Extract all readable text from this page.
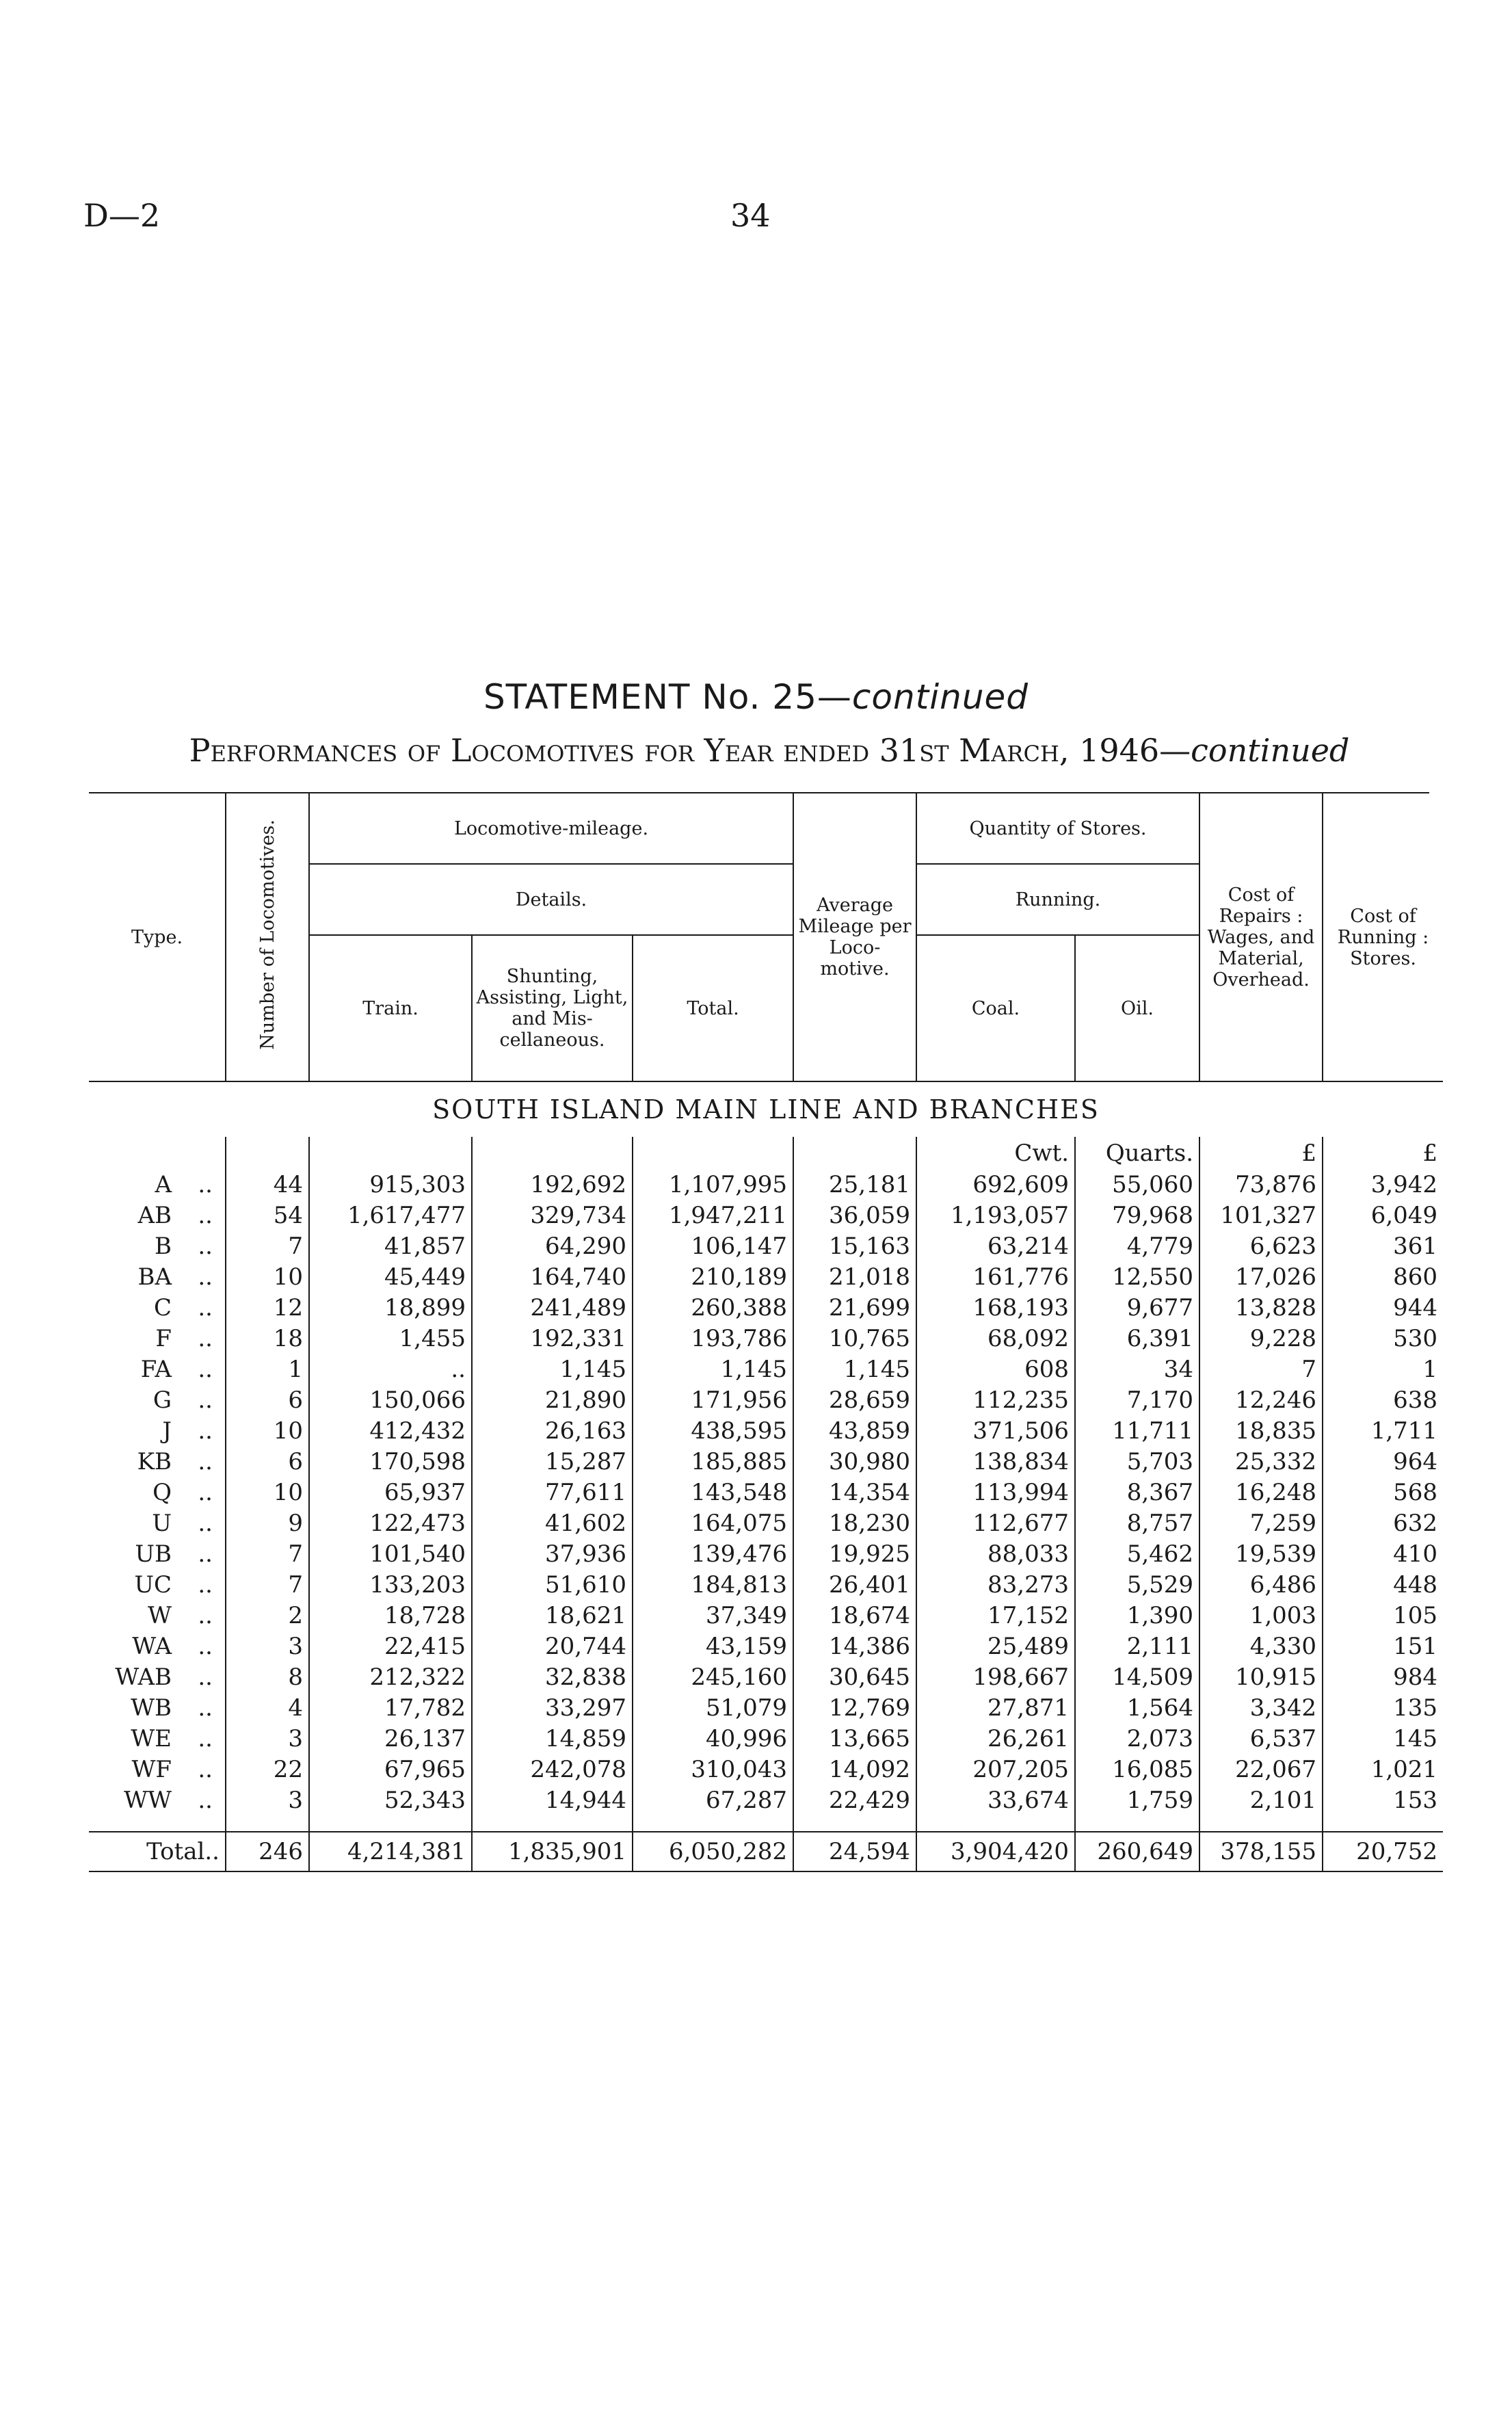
D—2	34
STATEMENT No. 25—continued
Performances of Locomotives for Year ended 31st March, 1946—continued
Type.	Number of Locomotives.	Locomotive-mileage.			Average Mileage per Loco-motive.	Quantity of Stores.		Cost of Repairs : Wages, and Material, Overhead.	Cost of Running : Stores.
		Details.				Running.			
		Train.	Shunting, Assisting, Light, and Mis-cellaneous.	Total.		Coal.	Oil.		
SOUTH ISLAND MAIN LINE AND BRANCHES									
						Cwt.	Quarts.	£	£
A ..	44	915,303	192,692	1,107,995	25,181	692,609	55,060	73,876	3,942
AB ..	54	1,617,477	329,734	1,947,211	36,059	1,193,057	79,968	101,327	6,049
B ..	7	41,857	64,290	106,147	15,163	63,214	4,779	6,623	361
BA ..	10	45,449	164,740	210,189	21,018	161,776	12,550	17,026	860
C ..	12	18,899	241,489	260,388	21,699	168,193	9,677	13,828	944
F ..	18	1,455	192,331	193,786	10,765	68,092	6,391	9,228	530
FA ..	1	..	1,145	1,145	1,145	608	34	7	1
G ..	6	150,066	21,890	171,956	28,659	112,235	7,170	12,246	638
J ..	10	412,432	26,163	438,595	43,859	371,506	11,711	18,835	1,711
KB ..	6	170,598	15,287	185,885	30,980	138,834	5,703	25,332	964
Q ..	10	65,937	77,611	143,548	14,354	113,994	8,367	16,248	568
U ..	9	122,473	41,602	164,075	18,230	112,677	8,757	7,259	632
UB ..	7	101,540	37,936	139,476	19,925	88,033	5,462	19,539	410
UC ..	7	133,203	51,610	184,813	26,401	83,273	5,529	6,486	448
W ..	2	18,728	18,621	37,349	18,674	17,152	1,390	1,003	105
WA ..	3	22,415	20,744	43,159	14,386	25,489	2,111	4,330	151
WAB ..	8	212,322	32,838	245,160	30,645	198,667	14,509	10,915	984
WB ..	4	17,782	33,297	51,079	12,769	27,871	1,564	3,342	135
WE ..	3	26,137	14,859	40,996	13,665	26,261	2,073	6,537	145
WF ..	22	67,965	242,078	310,043	14,092	207,205	16,085	22,067	1,021
WW ..	3	52,343	14,944	67,287	22,429	33,674	1,759	2,101	153

Total..	246	4,214,381	1,835,901	6,050,282	24,594	3,904,420	260,649	378,155	20,752
